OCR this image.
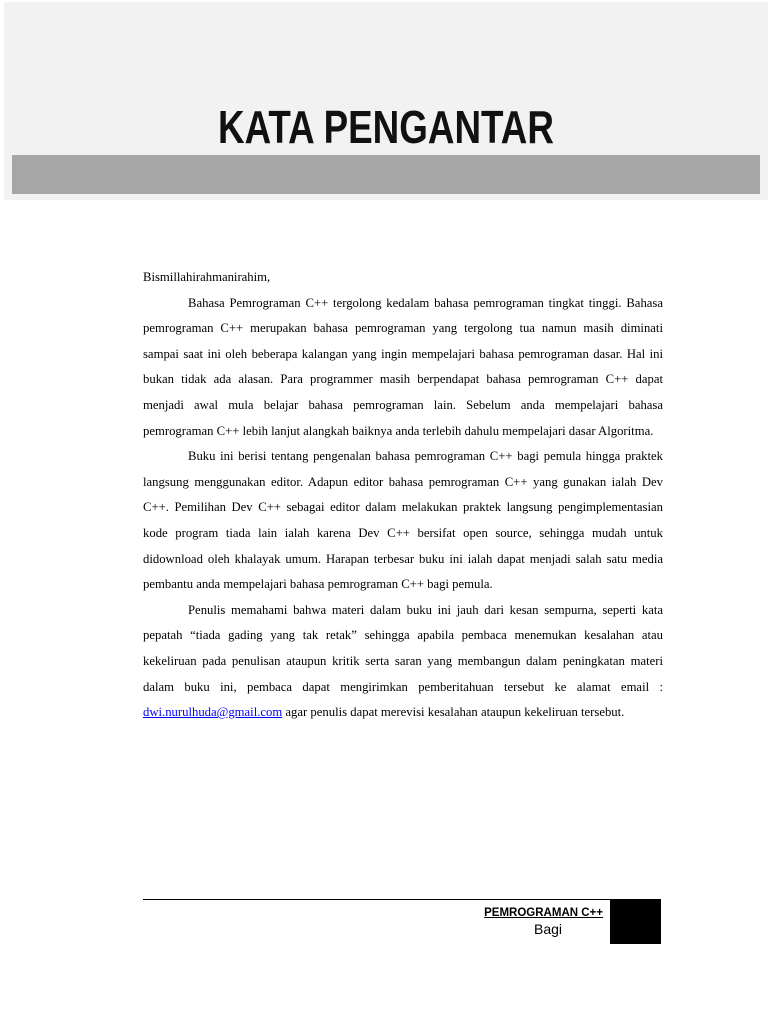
KATA PENGANTAR
Bismillahirahmanirahim,
Bahasa Pemrograman C++ tergolong kedalam bahasa pemrograman tingkat tinggi. Bahasa
pemrograman C++ merupakan bahasa pemrograman yang tergolong tua namun masih diminati
sampai saat ini oleh beberapa kalangan yang ingin mempelajari bahasa pemrograman dasar. Hal ini
bukan tidak ada alasan. Para programmer masih berpendapat bahasa pemrograman C++ dapat
menjadi awal mula belajar bahasa pemrograman lain. Sebelum anda mempelajari bahasa
pemrograman C++ lebih lanjut alangkah baiknya anda terlebih dahulu mempelajari dasar Algoritma.
Buku ini berisi tentang pengenalan bahasa pemrograman C++ bagi pemula hingga praktek
langsung menggunakan editor. Adapun editor bahasa pemrograman C++ yang gunakan ialah Dev
C++. Pemilihan Dev C++ sebagai editor dalam melakukan praktek langsung pengimplementasian
kode program tiada lain ialah karena Dev C++ bersifat open source, sehingga mudah untuk
didownload oleh khalayak umum. Harapan terbesar buku ini ialah dapat menjadi salah satu media
pembantu anda mempelajari bahasa pemrograman C++ bagi pemula.
Penulis memahami bahwa materi dalam buku ini jauh dari kesan sempurna, seperti kata
pepatah “tiada gading yang tak retak” sehingga apabila pembaca menemukan kesalahan atau
kekeliruan pada penulisan ataupun kritik serta saran yang membangun dalam peningkatan materi
dalam buku ini, pembaca dapat mengirimkan pemberitahuan tersebut ke alamat email :
dwi.nurulhuda@gmail.com agar penulis dapat merevisi kesalahan ataupun kekeliruan tersebut.
PEMROGRAMAN C++
Bagi
